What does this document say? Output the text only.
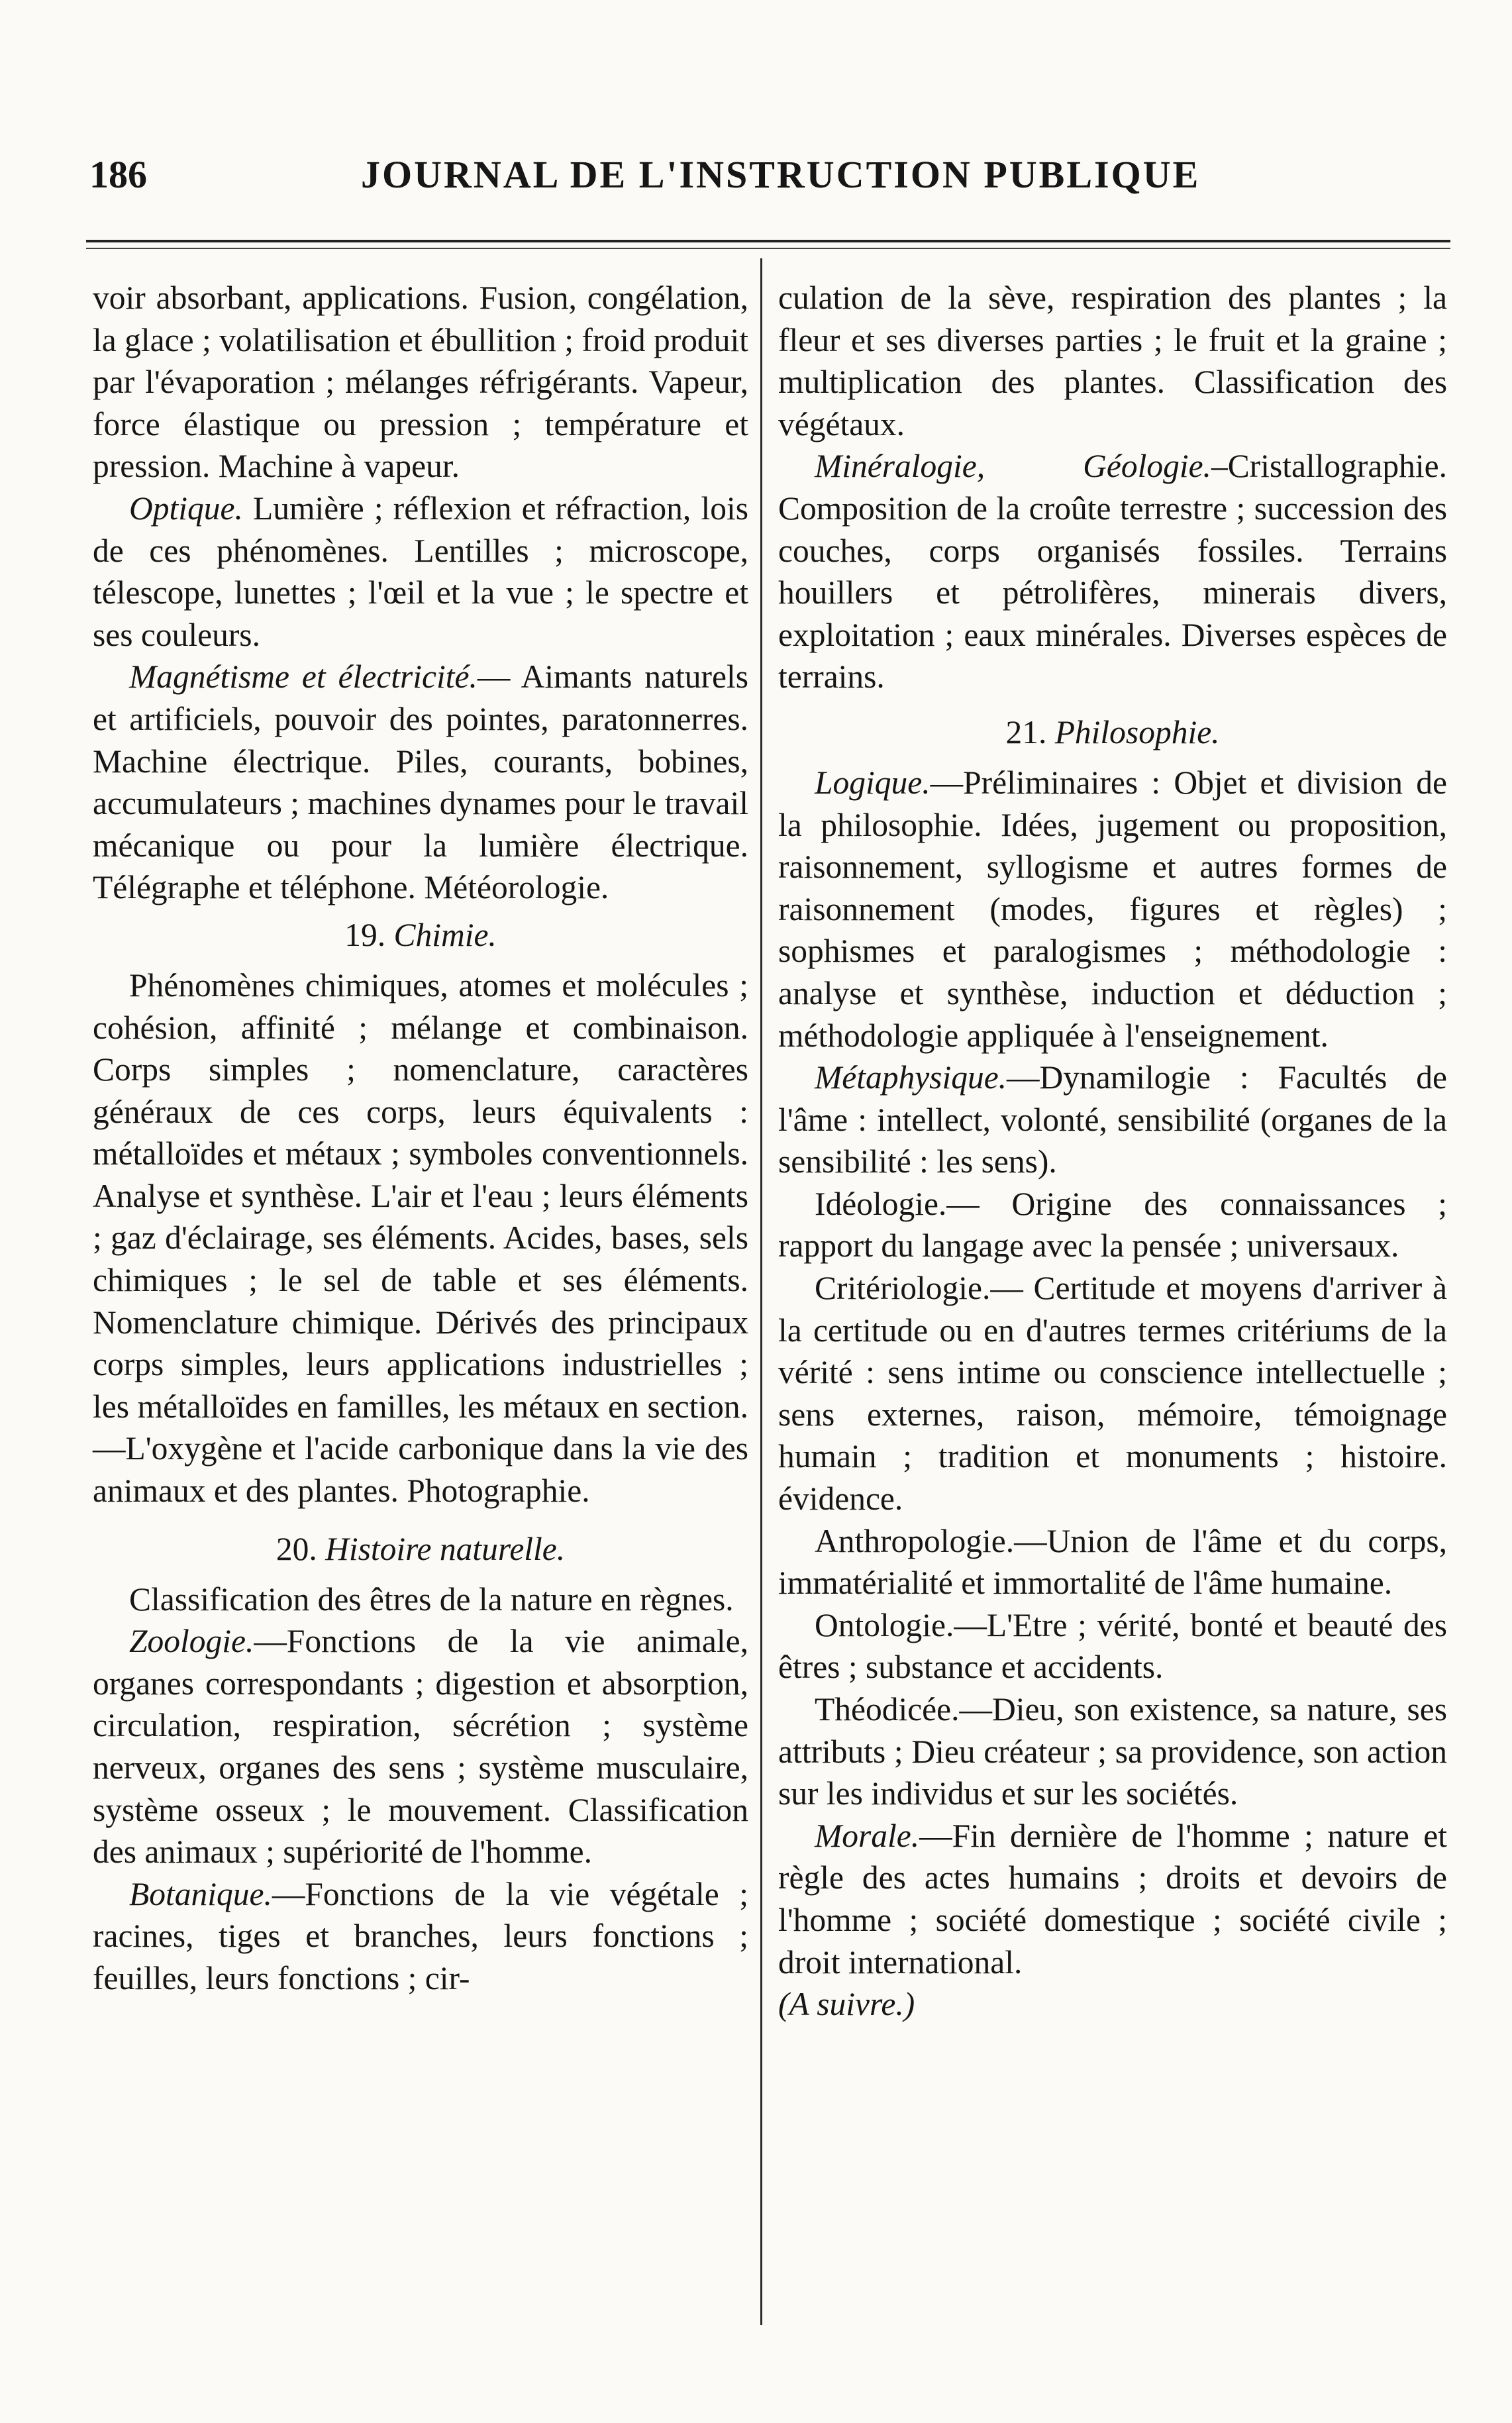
186	JOURNAL DE L'INSTRUCTION PUBLIQUE

voir absorbant, applications. Fusion, congélation, la glace ; volatilisation et ébullition ; froid produit par l'évaporation ; mélanges réfrigérants. Vapeur, force élastique ou pression ; température et pression. Machine à vapeur.

Optique. Lumière ; réflexion et réfraction, lois de ces phénomènes. Lentilles ; microscope, télescope, lunettes ; l'œil et la vue ; le spectre et ses couleurs.

Magnétisme et électricité.— Aimants naturels et artificiels, pouvoir des pointes, paratonnerres. Machine électrique. Piles, courants, bobines, accumulateurs ; machines dynames pour le travail mécanique ou pour la lumière électrique. Télégraphe et téléphone. Météorologie.

19. Chimie.

Phénomènes chimiques, atomes et molécules ; cohésion, affinité ; mélange et combinaison. Corps simples ; nomenclature, caractères généraux de ces corps, leurs équivalents : métalloïdes et métaux ; symboles conventionnels. Analyse et synthèse. L'air et l'eau ; leurs éléments ; gaz d'éclairage, ses éléments. Acides, bases, sels chimiques ; le sel de table et ses éléments. Nomenclature chimique. Dérivés des principaux corps simples, leurs applications industrielles ; les métalloïdes en familles, les métaux en section.—L'oxygène et l'acide carbonique dans la vie des animaux et des plantes. Photographie.

20. Histoire naturelle.

Classification des êtres de la nature en règnes.

Zoologie.—Fonctions de la vie animale, organes correspondants ; digestion et absorption, circulation, respiration, sécrétion ; système nerveux, organes des sens ; système musculaire, système osseux ; le mouvement. Classification des animaux ; supériorité de l'homme.

Botanique.—Fonctions de la vie végétale ; racines, tiges et branches, leurs fonctions ; feuilles, leurs fonctions ; cir-

culation de la sève, respiration des plantes ; la fleur et ses diverses parties ; le fruit et la graine ; multiplication des plantes. Classification des végétaux.

Minéralogie, Géologie.–Cristallographie. Composition de la croûte terrestre ; succession des couches, corps organisés fossiles. Terrains houillers et pétrolifères, minerais divers, exploitation ; eaux minérales. Diverses espèces de terrains.

21. Philosophie.

Logique.—Préliminaires : Objet et division de la philosophie. Idées, jugement ou proposition, raisonnement, syllogisme et autres formes de raisonnement (modes, figures et règles) ; sophismes et paralogismes ; méthodologie : analyse et synthèse, induction et déduction ; méthodologie appliquée à l'enseignement.

Métaphysique.—Dynamilogie : Facultés de l'âme : intellect, volonté, sensibilité (organes de la sensibilité : les sens).

Idéologie.— Origine des connaissances ; rapport du langage avec la pensée ; universaux.

Critériologie.— Certitude et moyens d'arriver à la certitude ou en d'autres termes critériums de la vérité : sens intime ou conscience intellectuelle ; sens externes, raison, mémoire, témoignage humain ; tradition et monuments ; histoire. évidence.

Anthropologie.—Union de l'âme et du corps, immatérialité et immortalité de l'âme humaine.

Ontologie.—L'Etre ; vérité, bonté et beauté des êtres ; substance et accidents.

Théodicée.—Dieu, son existence, sa nature, ses attributs ; Dieu créateur ; sa providence, son action sur les individus et sur les sociétés.

Morale.—Fin dernière de l'homme ; nature et règle des actes humains ; droits et devoirs de l'homme ; société domestique ; société civile ; droit international.

(A suivre.)
